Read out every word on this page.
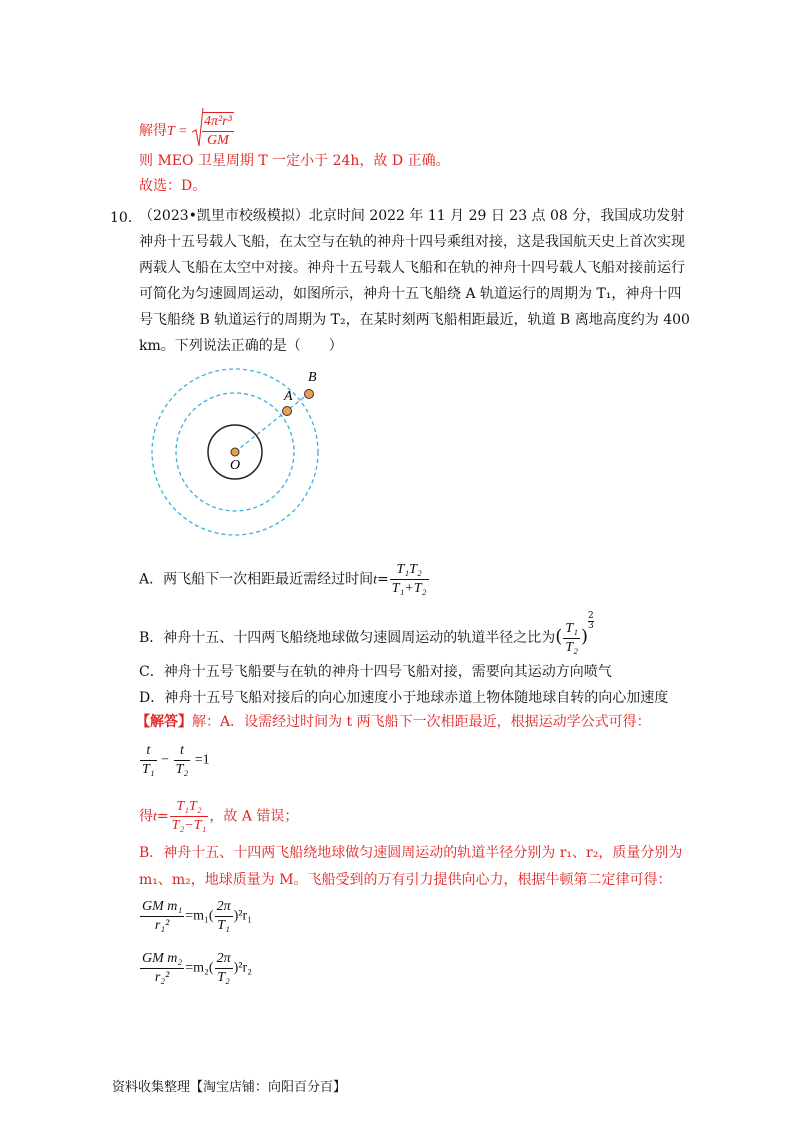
解得$T = \frac{\text{4π²r³}}{GM}$
则 MEO 卫星周期 T 一定小于 24h，故 D 正确。
故选：D。
10. （2023•凯里市校级模拟）北京时间 2022 年 11 月 29 日 23 点 08 分，我国成功发射神舟十五号载人飞船，在太空与在轨的神舟十四号乘组对接，这是我国航天史上首次实现两载人飞船在太空中对接。神舟十五号载人飞船和在轨的神舟十四号载人飞船对接前运行可简化为匀速圆周运动，如图所示，神舟十五飞船绕 A 轨道运行的周期为 T₁，神舟十四号飞船绕 B 轨道运行的周期为 T₂，在某时刻两飞船相距最近，轨道 B 离地高度约为 400km。下列说法正确的是（　　）
A
B
O
A．两飞船下一次相距最近需经过时间$t= \frac{\text{T₁T₂}}{\text{T₁+T₂}}$
B．神舟十五、十四两飞船绕地球做匀速圆周运动的轨道半径之比为( $\frac{\text{T₁}}{\text{T₂}}$ )
$\frac{2}{3}$
C．神舟十五号飞船要与在轨的神舟十四号飞船对接，需要向其运动方向喷气
D．神舟十五号飞船对接后的向心加速度小于地球赤道上物体随地球自转的向心加速度
【解答】解：A．设需经过时间为 t 两飞船下一次相距最近，根据运动学公式可得：
$\frac{t}{\text{T₁}} - \frac{t}{\text{T₂}} =1$
得$t= \frac{\text{T₁T₂}}{\text{T₂−T₁}}$ ，故 A 错误；
B．神舟十五、十四两飞船绕地球做匀速圆周运动的轨道半径分别为 r₁、r₂，质量分别为
m₁、m₂，地球质量为 M。飞船受到的万有引力提供向心力，根据牛顿第二定律可得：
$\frac{\text{GM m₁}}{\text{r₁²}} =m_1( \frac{2\pi}{\text{T₁}} )^2r_1$
$\frac{\text{GM m₂}}{\text{r₂²}} =m_2( \frac{2\pi}{\text{T₂}} )^2r_2$
资料收集整理【淘宝店铺：向阳百分百】
